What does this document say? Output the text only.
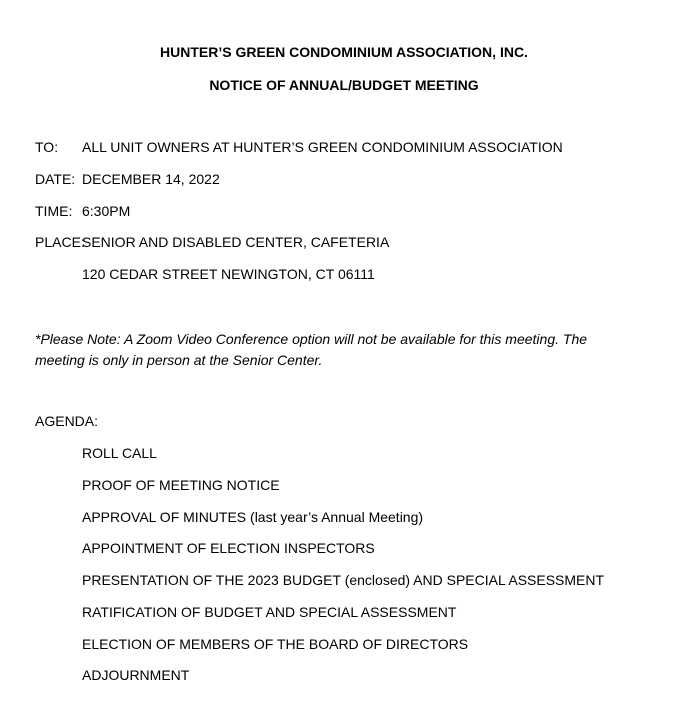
HUNTER’S GREEN CONDOMINIUM ASSOCIATION, INC.
NOTICE OF ANNUAL/BUDGET MEETING
TO: ALL UNIT OWNERS AT HUNTER’S GREEN CONDOMINIUM ASSOCIATION
DATE: DECEMBER 14, 2022
TIME: 6:30PM
PLACE:
SENIOR AND DISABLED CENTER, CAFETERIA
120 CEDAR STREET NEWINGTON, CT 06111
*Please Note: A Zoom Video Conference option will not be available for this meeting. The meeting is only in person at the Senior Center.
AGENDA:
ROLL CALL
PROOF OF MEETING NOTICE
APPROVAL OF MINUTES (last year’s Annual Meeting)
APPOINTMENT OF ELECTION INSPECTORS
PRESENTATION OF THE 2023 BUDGET (enclosed) AND SPECIAL ASSESSMENT
RATIFICATION OF BUDGET AND SPECIAL ASSESSMENT
ELECTION OF MEMBERS OF THE BOARD OF DIRECTORS
ADJOURNMENT
